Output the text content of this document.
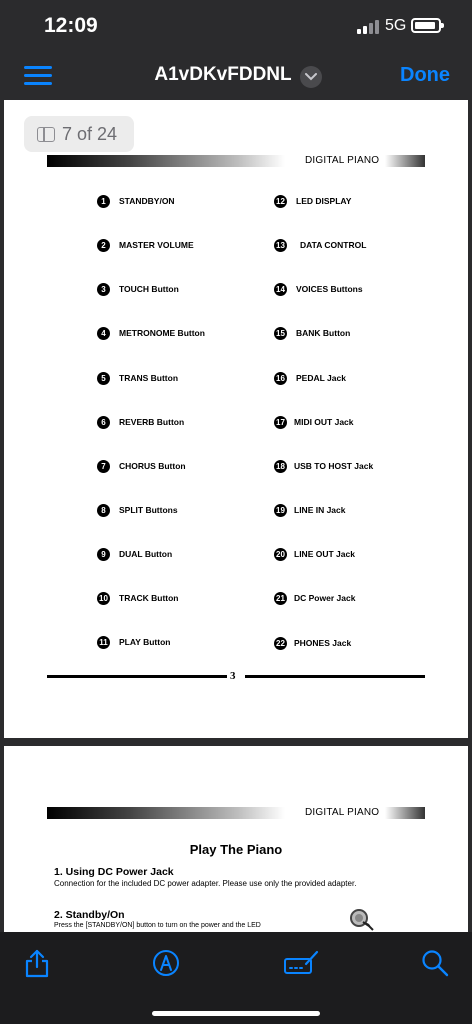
12:09	5G
A1vDKvFDDNL	Done
7 of 24
DIGITAL PIANO
1	STANDBY/ON
2	MASTER VOLUME
3	TOUCH Button
4	METRONOME Button
5	TRANS Button
6	REVERB Button
7	CHORUS Button
8	SPLIT Buttons
9	DUAL Button
10 TRACK Button
11 PLAY Button
12 LED DISPLAY
13 DATA CONTROL
14 VOICES Buttons
15 BANK Button
16 PEDAL Jack
17 MIDI OUT Jack
18 USB TO HOST Jack
19 LINE IN Jack
20 LINE OUT Jack
21 DC Power Jack
22 PHONES Jack
3
DIGITAL PIANO
Play The Piano
1. Using DC Power Jack
Connection for the included DC power adapter. Please use only the provided adapter.
2. Standby/On
Press the [STANDBY/ON] button to turn on the power and the LED
